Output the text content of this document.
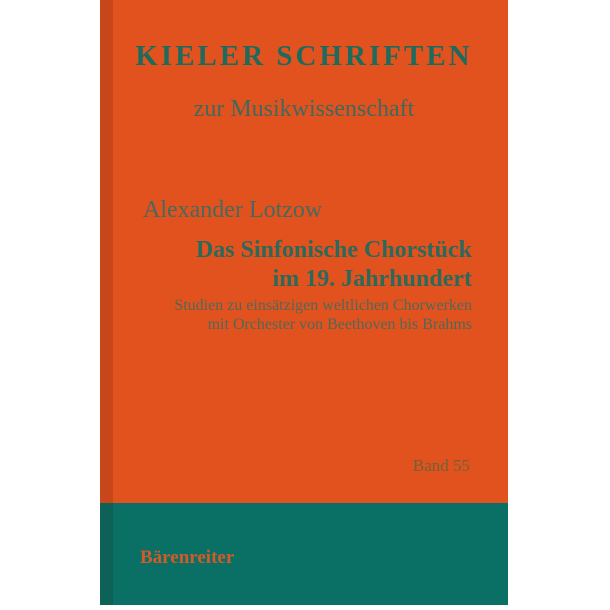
KIELER SCHRIFTEN
zur Musikwissenschaft
Alexander Lotzow
Das Sinfonische Chorstück
im 19. Jahrhundert
Studien zu einsätzigen weltlichen Chorwerken
mit Orchester von Beethoven bis Brahms
Band 55
Bärenreiter
